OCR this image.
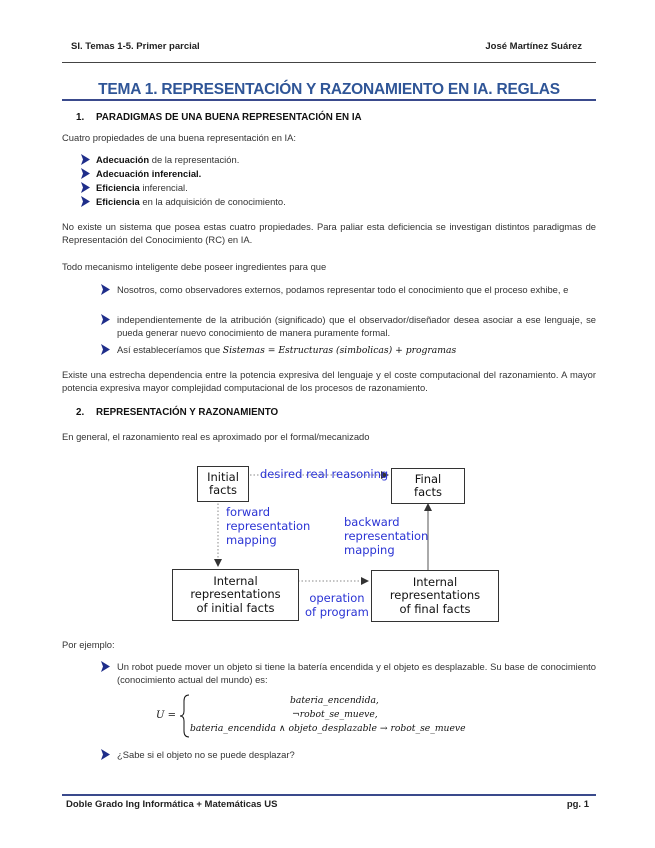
SI. Temas 1-5. Primer parcial	José Martínez Suárez
TEMA 1. REPRESENTACIÓN Y RAZONAMIENTO EN IA. REGLAS
1. PARADIGMAS DE UNA BUENA REPRESENTACIÓN EN IA
Cuatro propiedades de una buena representación en IA:
Adecuación de la representación.
Adecuación inferencial.
Eficiencia inferencial.
Eficiencia en la adquisición de conocimiento.
No existe un sistema que posea estas cuatro propiedades. Para paliar esta deficiencia se investigan distintos paradigmas de Representación del Conocimiento (RC) en IA.
Todo mecanismo inteligente debe poseer ingredientes para que
Nosotros, como observadores externos, podamos representar todo el conocimiento que el proceso exhibe, e
independientemente de la atribución (significado) que el observador/diseñador desea asociar a ese lenguaje, se pueda generar nuevo conocimiento de manera puramente formal.
Así estableceríamos que Sistemas = Estructuras (simbolicas) + programas
Existe una estrecha dependencia entre la potencia expresiva del lenguaje y el coste computacional del razonamiento. A mayor potencia expresiva mayor complejidad computacional de los procesos de razonamiento.
2. REPRESENTACIÓN Y RAZONAMIENTO
En general, el razonamiento real es aproximado por el formal/mecanizado
Initial
facts
Final
facts
Internal
representations
of initial facts
Internal
representations
of final facts
desired real reasoning
forward
representation
mapping
backward
representation
mapping
operation
of program
Por ejemplo:
Un robot puede mover un objeto si tiene la batería encendida y el objeto es desplazable. Su base de conocimiento (conocimiento actual del mundo) es:
U =
bateria_encendida,
¬robot_se_mueve,
bateria_encendida ∧ objeto_desplazable → robot_se_mueve
¿Sabe si el objeto no se puede desplazar?
Doble Grado Ing Informática + Matemáticas US	pg. 1
